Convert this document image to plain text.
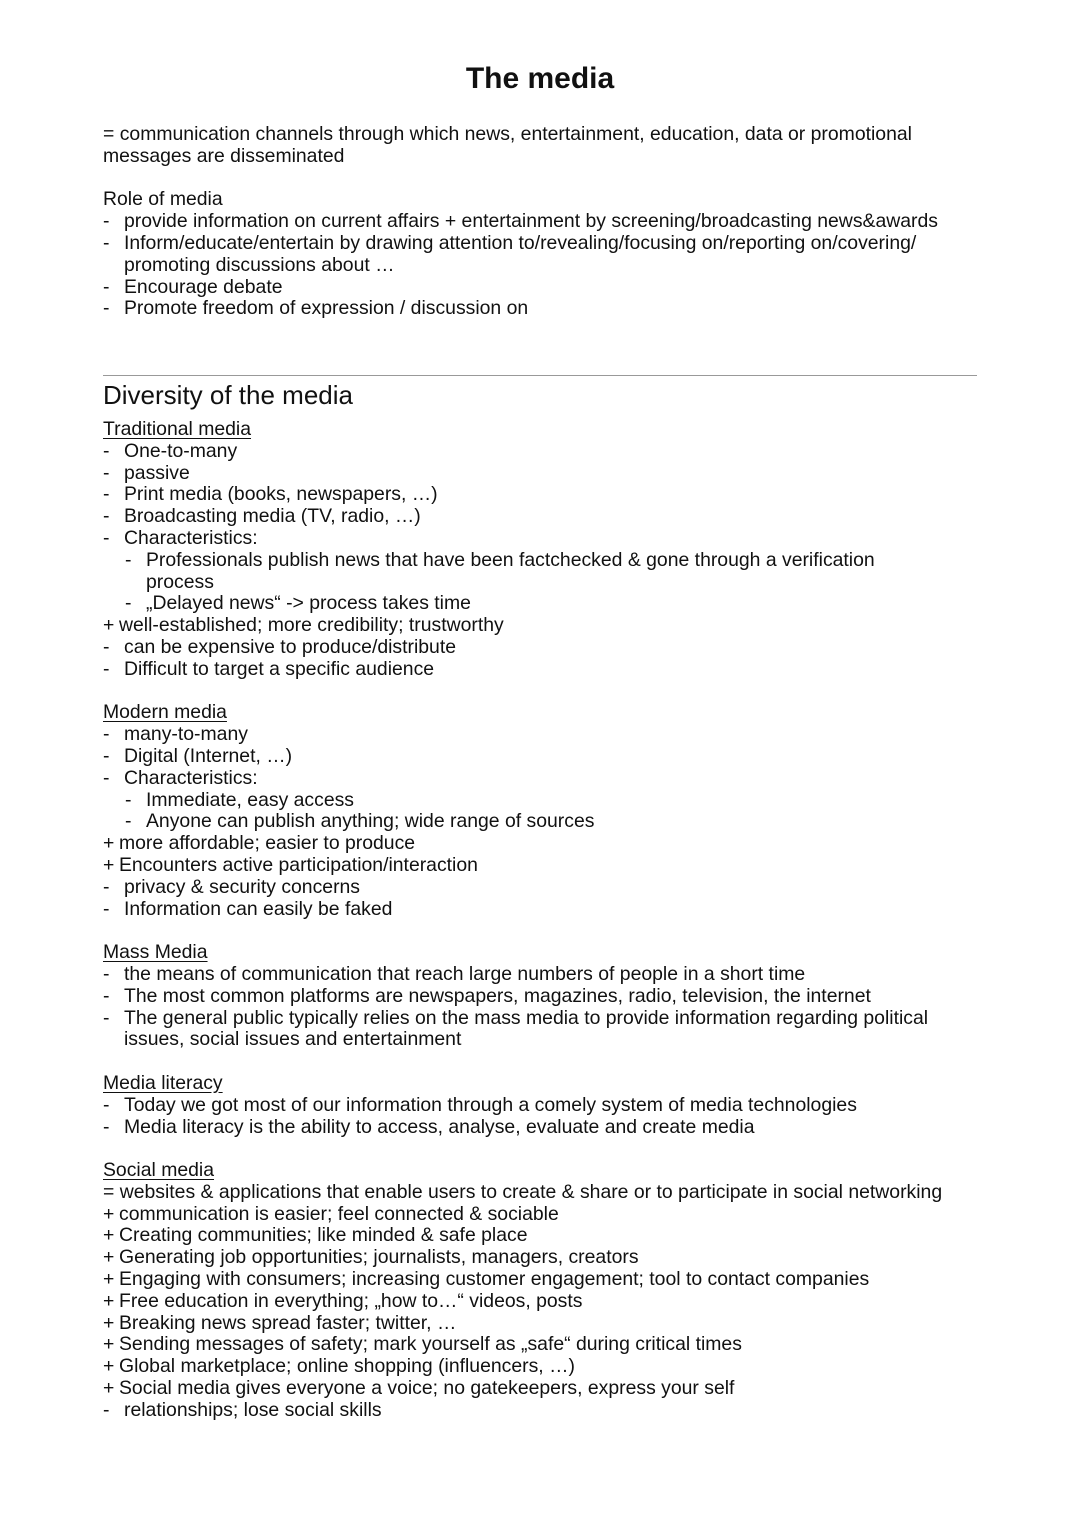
The media
= communication channels through which news, entertainment, education, data or promotional
messages are disseminated
Role of media
- provide information on current affairs + entertainment by screening/broadcasting news&awards
- Inform/educate/entertain by drawing attention to/revealing/focusing on/reporting on/covering/
promoting discussions about …
- Encourage debate
- Promote freedom of expression / discussion on
Diversity of the media
Traditional media
- One-to-many
- passive
- Print media (books, newspapers, …)
- Broadcasting media (TV, radio, …)
- Characteristics:
- Professionals publish news that have been factchecked & gone through a verification
process
- „Delayed news“ -> process takes time
+ well-established; more credibility; trustworthy
- can be expensive to produce/distribute
- Difficult to target a specific audience
Modern media
- many-to-many
- Digital (Internet, …)
- Characteristics:
- Immediate, easy access
- Anyone can publish anything; wide range of sources
+ more affordable; easier to produce
+ Encounters active participation/interaction
- privacy & security concerns
- Information can easily be faked
Mass Media
- the means of communication that reach large numbers of people in a short time
- The most common platforms are newspapers, magazines, radio, television, the internet
- The general public typically relies on the mass media to provide information regarding political
issues, social issues and entertainment
Media literacy
- Today we got most of our information through a comely system of media technologies
- Media literacy is the ability to access, analyse, evaluate and create media
Social media
= websites & applications that enable users to create & share or to participate in social networking
+ communication is easier; feel connected & sociable
+ Creating communities; like minded & safe place
+ Generating job opportunities; journalists, managers, creators
+ Engaging with consumers; increasing customer engagement; tool to contact companies
+ Free education in everything; „how to…“ videos, posts
+ Breaking news spread faster; twitter, …
+ Sending messages of safety; mark yourself as „safe“ during critical times
+ Global marketplace; online shopping (influencers, …)
+ Social media gives everyone a voice; no gatekeepers, express your self
- relationships; lose social skills
